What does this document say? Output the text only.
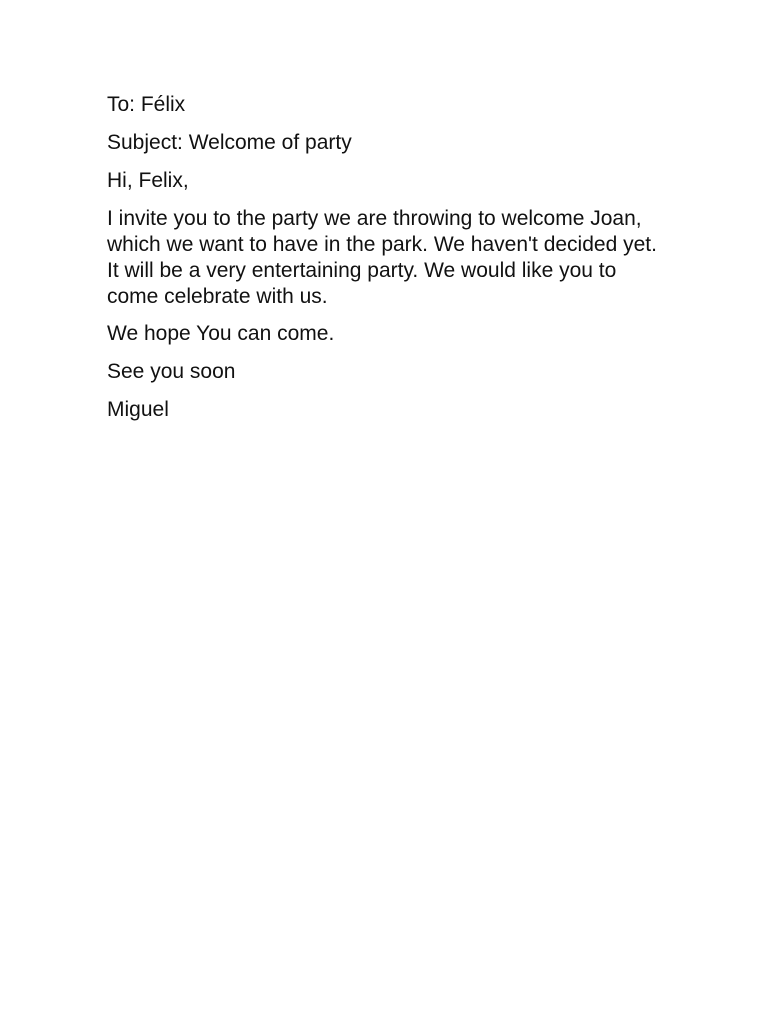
To: Félix

Subject: Welcome of party

Hi, Felix,

I invite you to the party we are throwing to welcome Joan, which we want to have in the park. We haven't decided yet. It will be a very entertaining party. We would like you to come celebrate with us.

We hope You can come.

See you soon

Miguel
